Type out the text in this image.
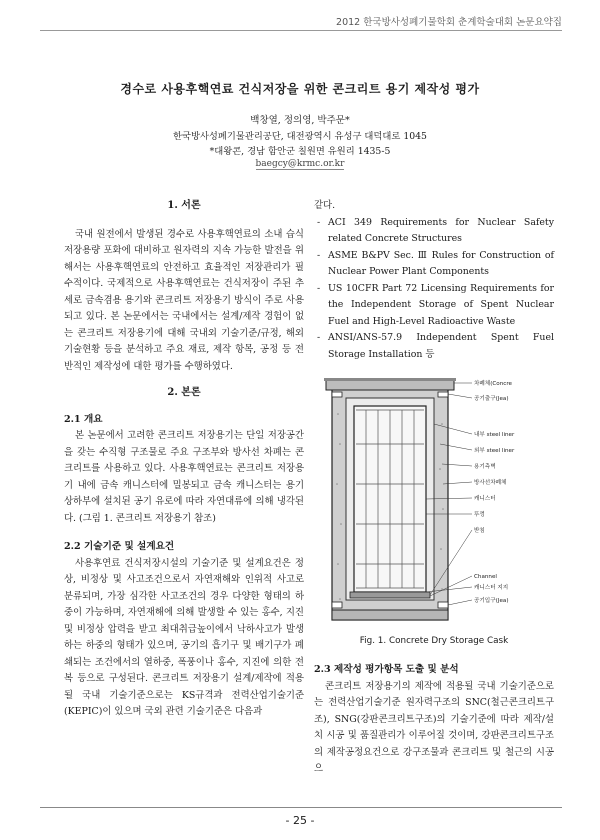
2012 한국방사성폐기물학회 춘계학술대회 논문요약집
경수로 사용후핵연료 건식저장을 위한 콘크리트 용기 제작성 평가
백창열, 정의영, 박주문*
한국방사성폐기물관리공단, 대전광역시 유성구 대덕대로 1045
*대왕콘, 경남 함안군 칠원면 유원리 1435-5
baegcy@krmc.or.kr
1. 서론

국내 원전에서 발생된 경수로 사용후핵연료의 소내 습식저장용량 포화에 대비하고 원자력의 지속 가능한 발전을 위해서는 사용후핵연료의 안전하고 효율적인 저장관리가 필수적이다. 국제적으로 사용후핵연료는 건식저장이 주된 추세로 금속겸용 용기와 콘크리트 저장용기 방식이 주로 사용되고 있다. 본 논문에서는 국내에서는 설계/제작 경험이 없는 콘크리트 저장용기에 대해 국내외 기술기준/규정, 해외 기술현황 등을 분석하고 주요 재료, 제작 항목, 공정 등 전반적인 제작성에 대한 평가를 수행하였다.

2. 본론
2.1 개요

본 논문에서 고려한 콘크리트 저장용기는 단일 저장공간을 갖는 수직형 구조물로 주요 구조부와 방사선 차폐는 콘크리트를 사용하고 있다. 사용후핵연료는 콘크리트 저장용기 내에 금속 캐니스터에 밀봉되고 금속 캐니스터는 용기 상하부에 설치된 공기 유로에 따라 자연대류에 의해 냉각된다. (그림 1. 콘크리트 저장용기 참조)

2.2 기술기준 및 설계요건

사용후연료 건식저장시설의 기술기준 및 설계요건은 정상, 비정상 및 사고조건으로서 자연재해와 인위적 사고로 분류되며, 가장 심각한 사고조건의 경우 다양한 형태의 하중이 가능하며, 자연재해에 의해 발생할 수 있는 홍수, 지진 및 비정상 압력을 받고 최대취급높이에서 낙하사고가 발생하는 하중의 형태가 있으며, 공기의 흡기구 및 배기구가 폐쇄되는 조건에서의 열하중, 폭풍이나 홍수, 지진에 의한 전복 등으로 구성된다. 콘크리트 저장용기 설계/제작에 적용될 국내 기술기준으로는 KS규격과 전력산업기술기준(KEPIC)이 있으며 국외 관련 기술기준은 다음과

같다.

- ACI 349 Requirements for Nuclear Safety related Concrete Structures
- ASME B&PV Sec. Ⅲ Rules for Construction of Nuclear Power Plant Components
- US 10CFR Part 72 Licensing Requirements for the Independent Storage of Spent Nuclear Fuel and High-Level Radioactive Waste
- ANSI/ANS-57.9 Independent Spent Fuel Storage Installation 등
차폐체(Concre
공기출구(Jea)
내부 steel liner
외부 steel liner
용기측벽
방사선차폐체
캐니스터
뚜껑
받침
Channel
캐니스터 지지
공기입구(Jea)
Fig. 1. Concrete Dry Storage Cask
2.3 제작성 평가항목 도출 및 분석

콘크리트 저장용기의 제작에 적용될 국내 기술기준으로는 전력산업기술기준 원자력구조의 SNC(철근콘크리트구조), SNG(강판콘크리트구조)의 기술기준에 따라 제작/설치 시공 및 품질관리가 이루어질 것이며, 강판콘크리트구조의 제작공정요건으로 강구조물과 콘크리트 및 철근의 시공으

- 25 -
